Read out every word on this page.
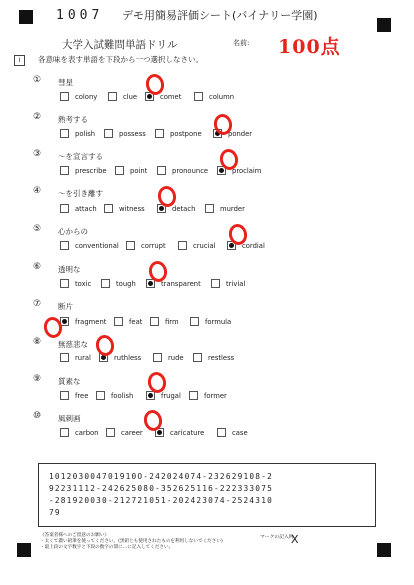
1007 デモ用簡易評価シート(バイナリー学園)
大学入試難問単語ドリル	名前: 100点
I	各意味を表す単語を下段から一つ選択しなさい。
① 彗星
colony	clue	comet	column
② 熟考する
polish	possess	postpone	ponder
③ ～を宣言する
prescribe	point	pronounce	proclaim
④ ～を引き離す
attach	witness	detach	murder
⑤ 心からの
conventional	corrupt	crucial	cordial
⑥ 透明な
toxic	tough	transparent	trivial
⑦ 断片
fragment	feat	firm	formula
⑧ 無慈悲な
rural	ruthless	rude	restless
⑨ 質素な
free	foolish	frugal	former
⑩ 風刺画
carbon	career	caricature	case
101203004701910O-242024074-232629108-2
92231112-242625080-352625116-222333075
-281920030-212721051-202423074-2524310
79
《答案者様へのご留意のお願い》
・太くて濃い鉛筆を使ってください。(黒鉛とも使用されたものを利用しないでください)
・最上段の文字数字と下段の数字の間に…に記入してください。
マークの記入例
X
